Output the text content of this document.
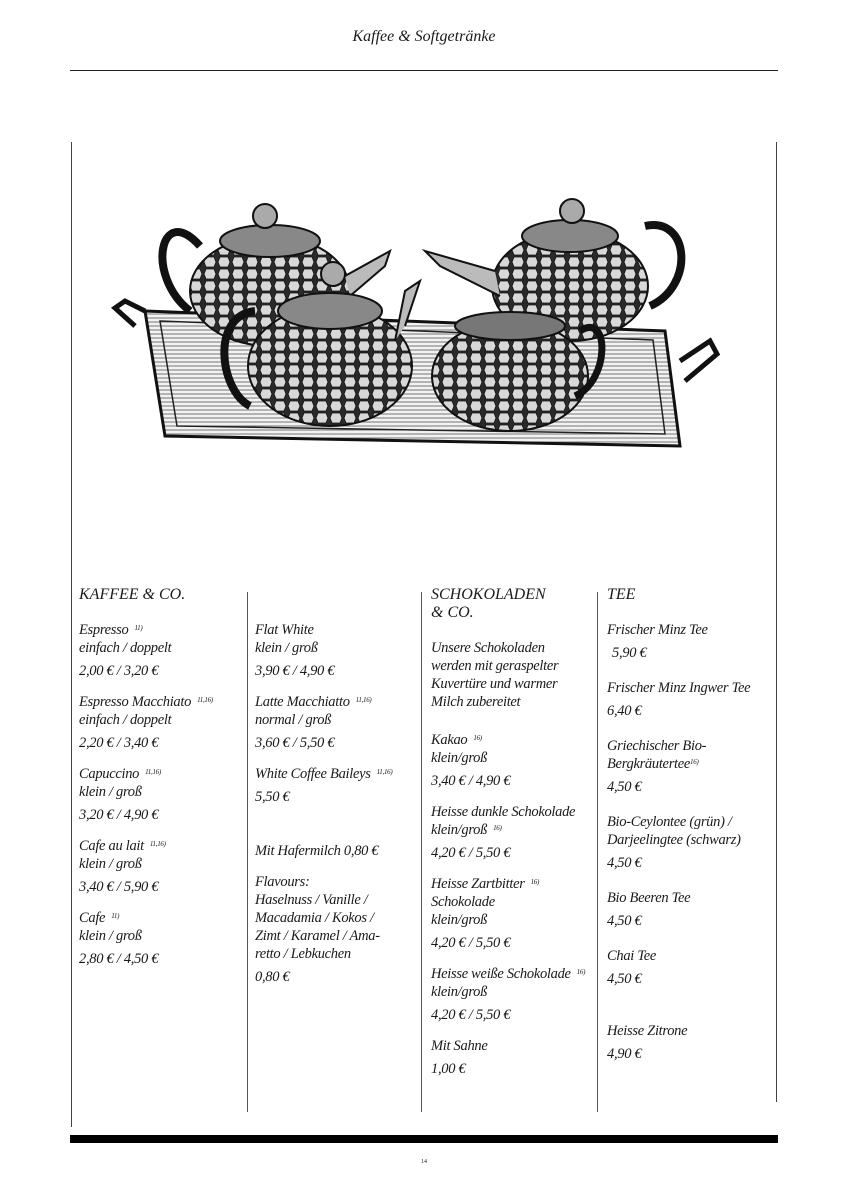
Kaffee & Softgetränke
KAFFEE & CO.
Espresso $^{11)}$
einfach / doppelt
2,00 € / 3,20 €
Espresso Macchiato $^{11,16)}$
einfach / doppelt
2,20 € / 3,40 €
Capuccino $^{11,16)}$
klein / groß
3,20 € / 4,90 €
Cafe au lait $^{11,16)}$
klein / groß
3,40 € / 5,90 €
Cafe $^{11)}$
klein / groß
2,80 € / 4,50 €
Flat White
klein / groß
3,90 € / 4,90 €
Latte Macchiatto $^{11,16)}$
normal / groß
3,60 € / 5,50 €
White Coffee Baileys $^{11,16)}$
5,50 €
Mit Hafermilch 0,80 €
Flavours:
Haselnuss / Vanille /
Macadamia / Kokos /
Zimt / Karamel / Ama-
retto / Lebkuchen
0,80 €
SCHOKOLADEN
& CO.
Unsere Schokoladen
werden mit geraspelter
Kuvertüre und warmer
Milch zubereitet
Kakao $^{16)}$
klein/groß
3,40 € / 4,90 €
Heisse dunkle Schokolade
klein/groß $^{16)}$
4,20 € / 5,50 €
Heisse Zartbitter $^{16)}$
Schokolade
klein/groß
4,20 € / 5,50 €
Heisse weiße Schokolade $^{16)}$
klein/groß
4,20 € / 5,50 €
Mit Sahne
1,00 €
TEE
Frischer Minz Tee
5,90 €
Frischer Minz Ingwer Tee
6,40 €
Griechischer Bio-
Bergkräutertee$^{16)}$
4,50 €
Bio-Ceylontee (grün) /
Darjeelingtee (schwarz)
4,50 €
Bio Beeren Tee
4,50 €
Chai Tee
4,50 €
Heisse Zitrone
4,90 €
14
